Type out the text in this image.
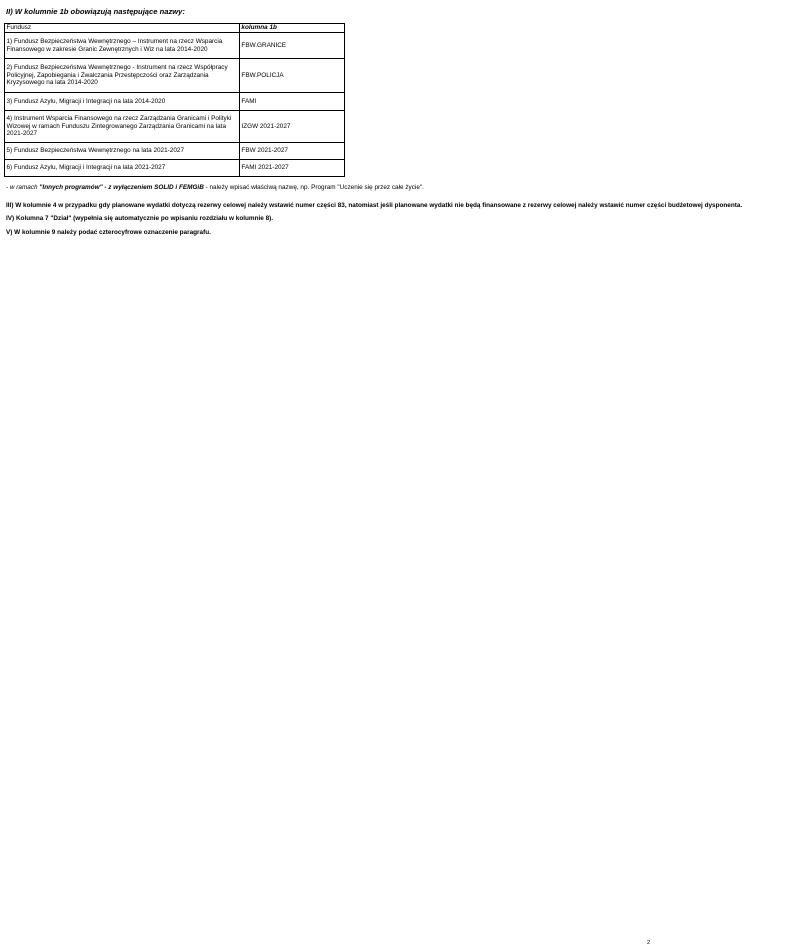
II) W kolumnie 1b obowiązują następujące nazwy:
Fundusz	kolumna 1b
1) Fundusz Bezpieczeństwa Wewnętrznego – Instrument na rzecz Wsparcia Finansowego w zakresie Granic Zewnętrznych i Wiz na lata 2014-2020	FBW.GRANICE
2) Fundusz Bezpieczeństwa Wewnętrznego - Instrument na rzecz Współpracy Policyjnej, Zapobiegania i Zwalczania Przestępczości oraz Zarządzania Kryzysowego na lata 2014-2020	FBW.POLICJA
3) Fundusz Azylu, Migracji i Integracji na lata 2014-2020	FAMI
4) Instrument Wsparcia Finansowego na rzecz Zarządzania Granicami i Polityki Wizowej w ramach Funduszu Zintegrowanego Zarządzania Granicami na lata 2021-2027	IZGW 2021-2027
5) Fundusz Bezpieczeństwa Wewnętrznego na lata 2021-2027	FBW 2021-2027
6) Fundusz Azylu, Migracji i Integracji na lata 2021-2027	FAMI 2021-2027
- w ramach "Innych programów" - z wyłączeniem SOLID i FEMGiB - należy wpisać właściwą nazwę, np. Program "Uczenie się przez całe życie".
III) W kolumnie 4 w przypadku gdy planowane wydatki dotyczą rezerwy celowej należy wstawić numer części 83, natomiast jeśli planowane wydatki nie będą finansowane z rezerwy celowej należy wstawić numer części budżetowej dysponenta.
IV) Kolumna 7 "Dział" (wypełnia się automatycznie po wpisaniu rozdziału w kolumnie 8).
V) W kolumnie 9 należy podać czterocyfrowe oznaczenie paragrafu.
2
